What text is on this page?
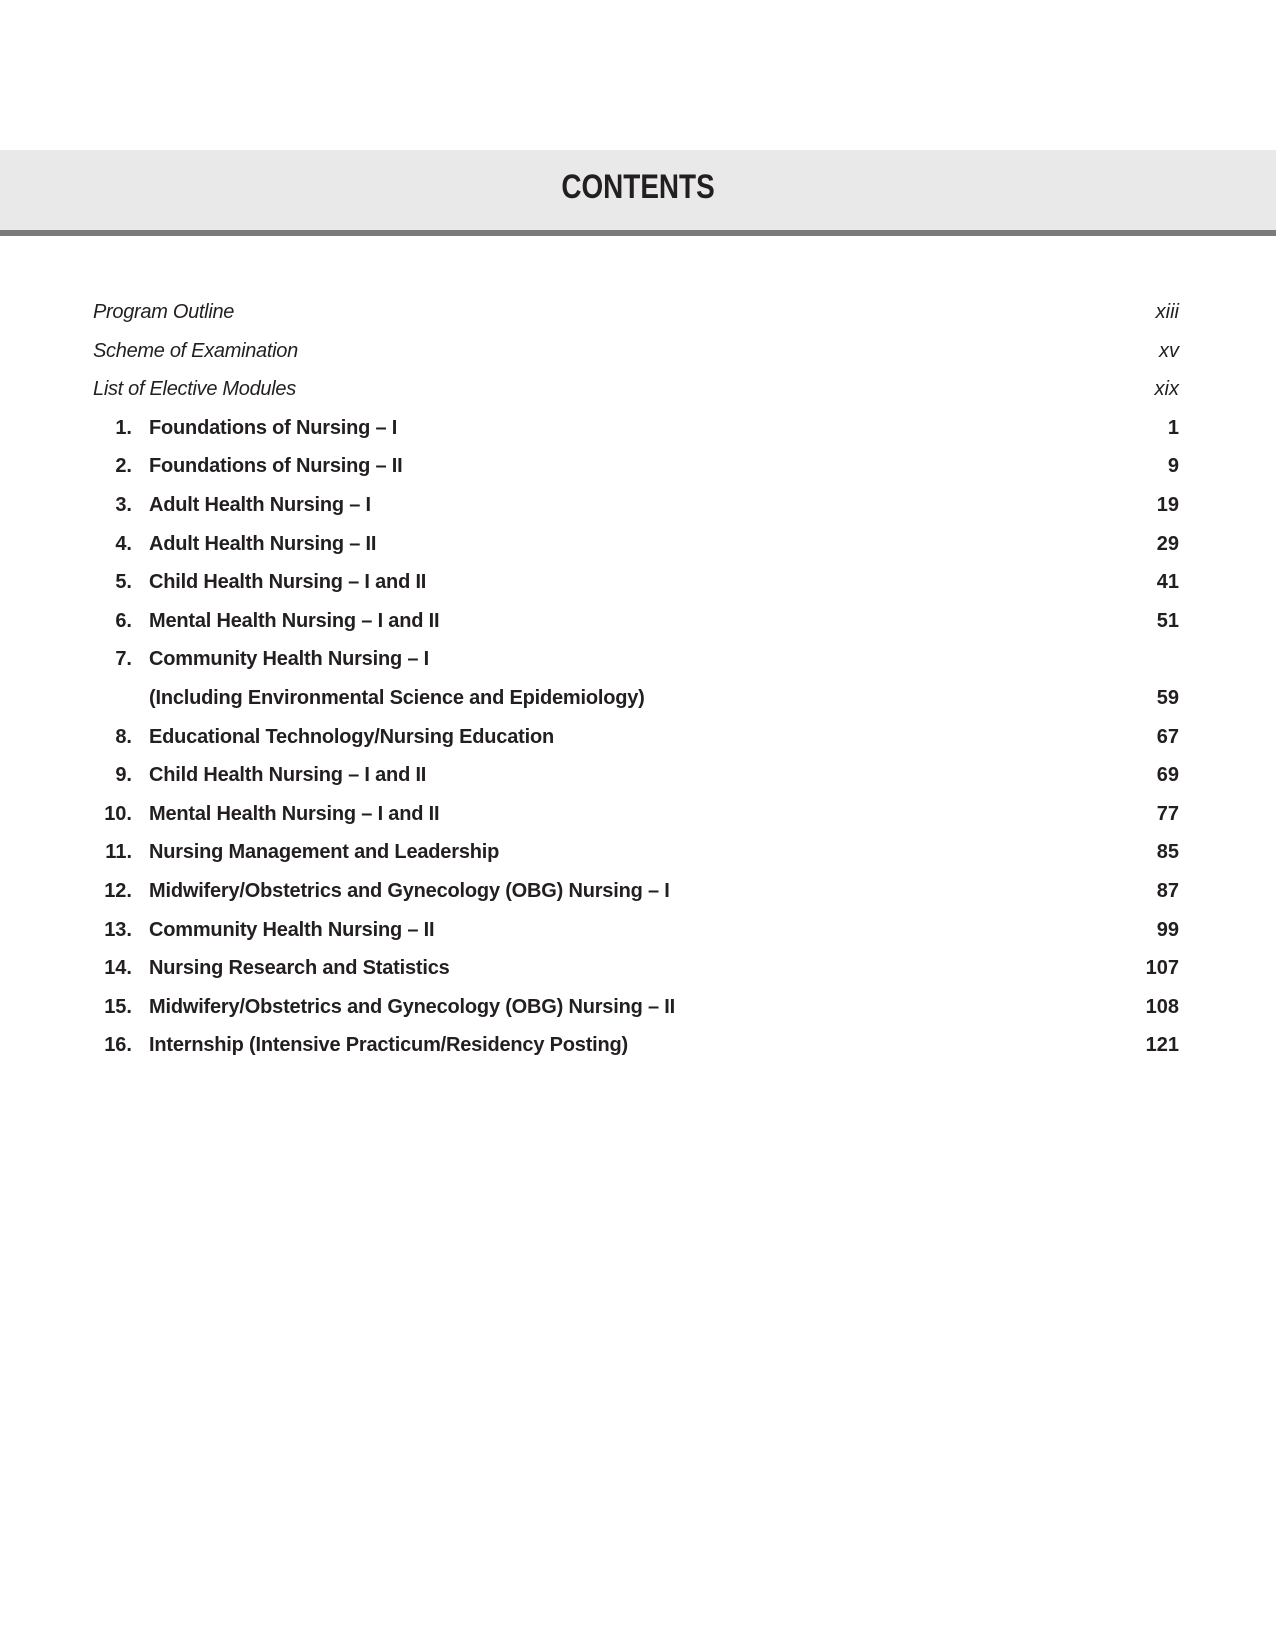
CONTENTS
Program Outline	xiii
Scheme of Examination	xv
List of Elective Modules	xix
1. Foundations of Nursing – I	1
2. Foundations of Nursing – II	9
3. Adult Health Nursing – I	19
4. Adult Health Nursing – II	29
5. Child Health Nursing – I and II	41
6. Mental Health Nursing – I and II	51
7. Community Health Nursing – I
(Including Environmental Science and Epidemiology)	59
8. Educational Technology/Nursing Education	67
9. Child Health Nursing – I and II	69
10. Mental Health Nursing – I and II	77
11. Nursing Management and Leadership	85
12. Midwifery/Obstetrics and Gynecology (OBG) Nursing – I	87
13. Community Health Nursing – II	99
14. Nursing Research and Statistics	107
15. Midwifery/Obstetrics and Gynecology (OBG) Nursing – II	108
16. Internship (Intensive Practicum/Residency Posting)	121
